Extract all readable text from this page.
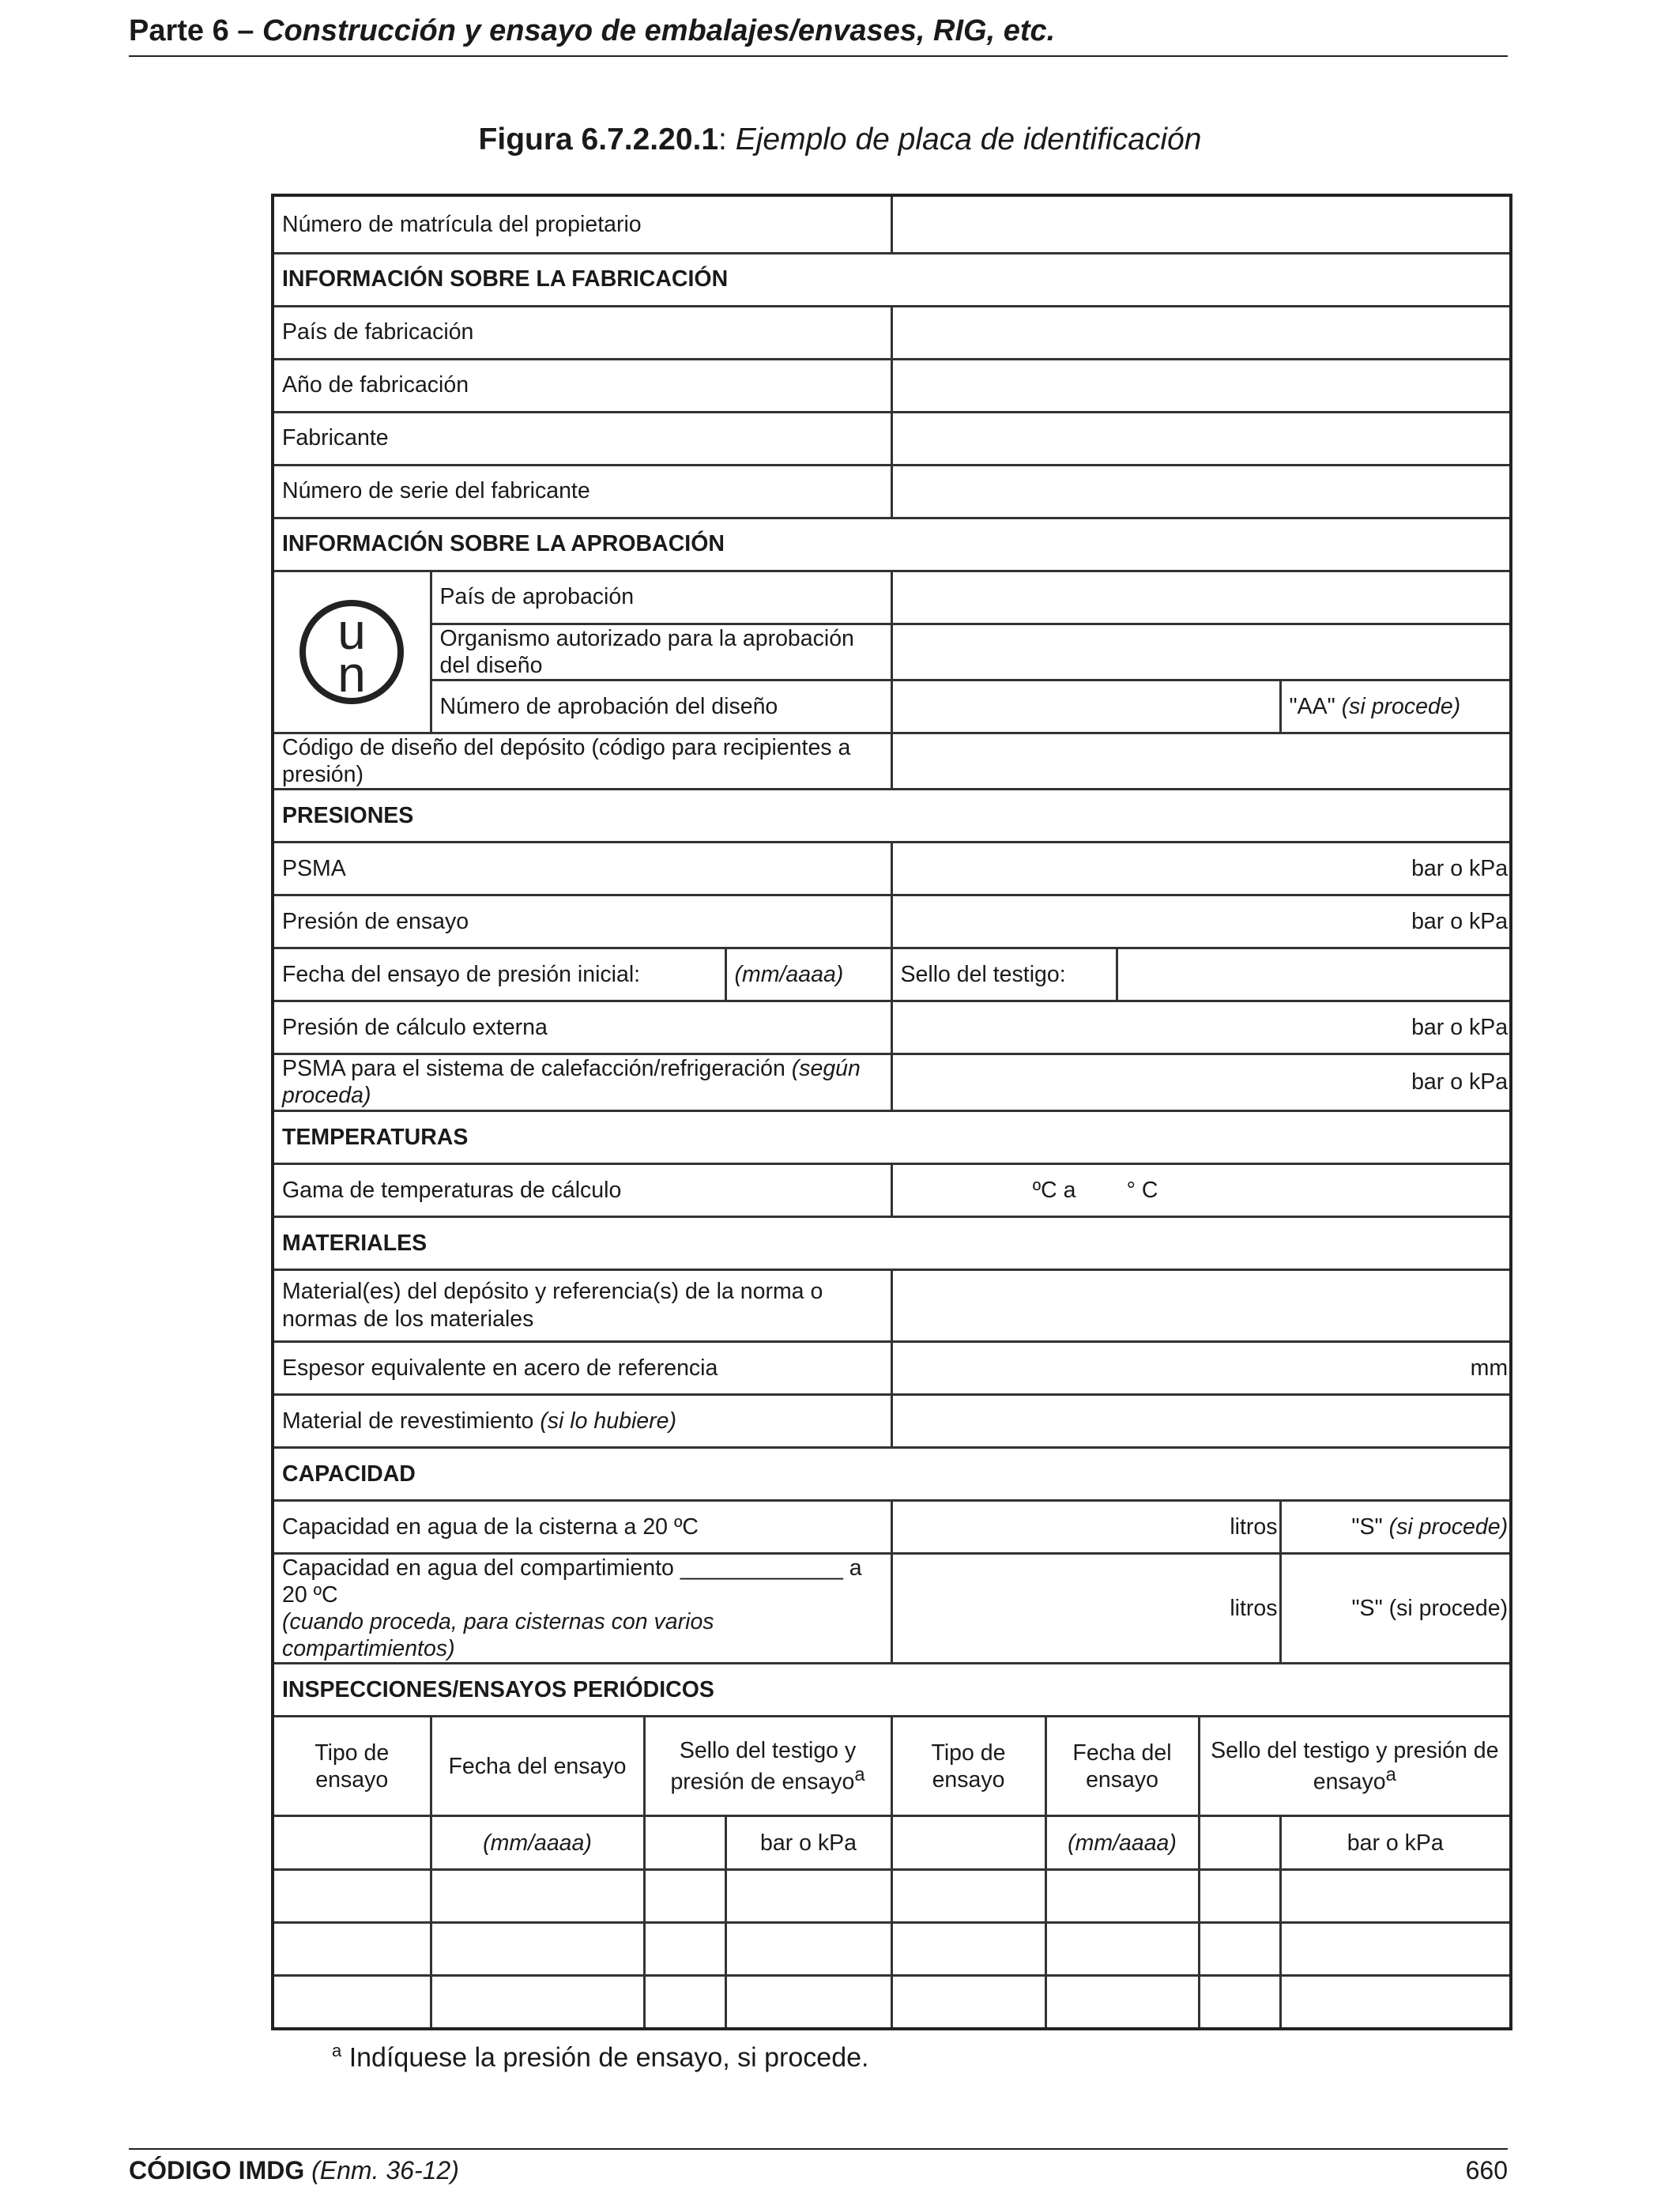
Parte 6 – Construcción y ensayo de embalajes/envases, RIG, etc.
Figura 6.7.2.20.1: Ejemplo de placa de identificación
Número de matrícula del propietario								
INFORMACIÓN SOBRE LA FABRICACIÓN								
País de fabricación								
Año de fabricación								
Fabricante								
Número de serie del fabricante								
INFORMACIÓN SOBRE LA APROBACIÓN								

u
n	País de aprobación							
	Organismo autorizado para la aprobación del diseño							
	Número de aprobación del diseño							"AA" (si procede)
Código de diseño del depósito (código para recipientes a presión)								
PRESIONES								
PSMA				bar o kPa				
Presión de ensayo				bar o kPa				
Fecha del ensayo de presión inicial:			(mm/aaaa)	Sello del testigo:				
Presión de cálculo externa				bar o kPa				
PSMA para el sistema de calefacción/refrigeración (según proceda)				bar o kPa				
TEMPERATURAS								
Gama de temperaturas de cálculo				ºC a ° C				
MATERIALES								
Material(es) del depósito y referencia(s) de la norma o normas de los materiales								
Espesor equivalente en acero de referencia				mm				
Material de revestimiento (si lo hubiere)								
CAPACIDAD								
Capacidad en agua de la cisterna a 20 ºC				litros				"S" (si procede)

Capacidad en agua del compartimiento _____________ a 20 ºC
(cuando proceda, para cisternas con varios compartimientos)				litros				"S" (si procede)
INSPECCIONES/ENSAYOS PERIÓDICOS								
Tipo de ensayo	Fecha del ensayo	Sello del testigo y presión de ensayo$^a$		Tipo de ensayo	Fecha del ensayo		Sello del testigo y presión de ensayo$^a$
	(mm/aaaa)		bar o kPa		(mm/aaaa)			bar o kPa

$^a$ Indíquese la presión de ensayo, si procede.
CÓDIGO IMDG (Enm. 36-12)	660
